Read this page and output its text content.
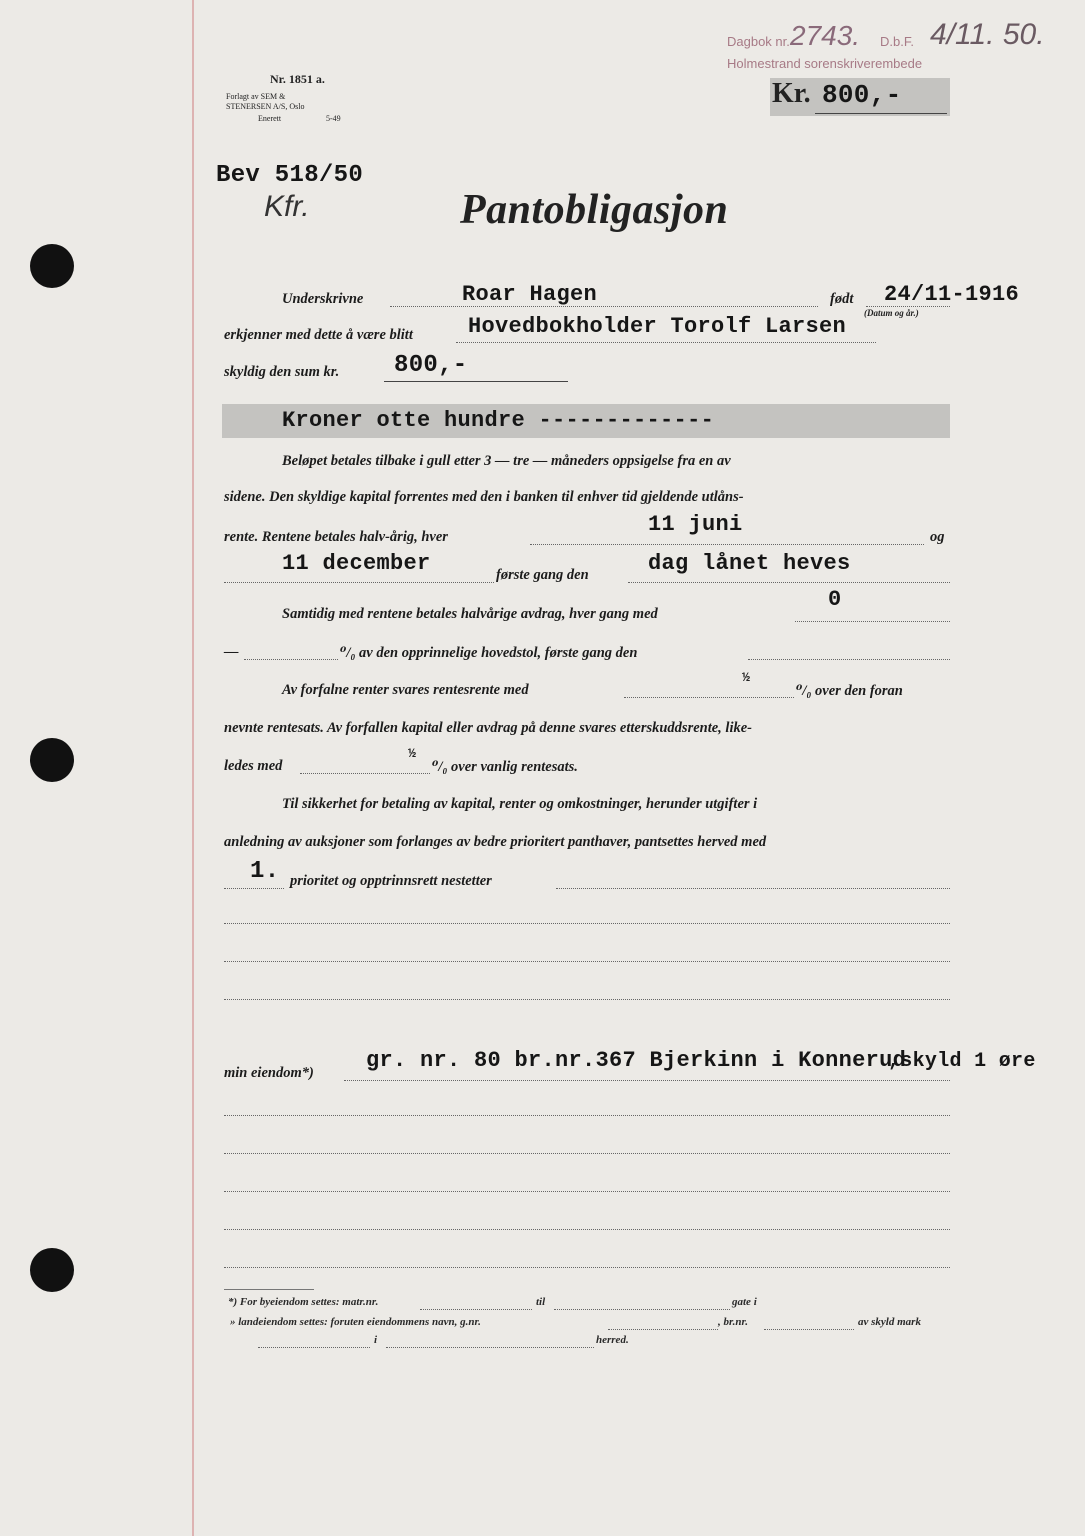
Nr. 1851 a.
Forlagt av SEM & STENERSEN A/S, Oslo
Enerett	5-49
Dagbok nr. 2743. D.b.F. 4/11. 50.
Holmestrand sorenskriverembede
Kr. 800,-
Bev 518/50
Kfr.	Pantobligasjon
Underskrivne	Roar Hagen	født 24/11-1916
(Datum og år.)
erkjenner med dette å være blitt	Hovedbokholder Torolf Larsen
skyldig den sum kr. 800,-
Kroner otte hundre -------------
Beløpet betales tilbake i gull etter 3 — tre — måneders oppsigelse fra en av
sidene. Den skyldige kapital forrentes med den i banken til enhver tid gjeldende utlåns-
rente. Rentene betales halv-årig, hver	11 juni	og
11 december	første gang den	dag lånet heves
Samtidig med rentene betales halvårige avdrag, hver gang med
0
—	⁰/₀ av den opprinnelige hovedstol, første gang den
Av forfalne renter svares rentesrente med
½
⁰/₀ over den foran
nevnte rentesats. Av forfallen kapital eller avdrag på denne svares etterskuddsrente, like-
ledes med
½
⁰/₀ over vanlig rentesats.
Til sikkerhet for betaling av kapital, renter og omkostninger, herunder utgifter i
anledning av auksjoner som forlanges av bedre prioritert panthaver, pantsettes herved med
1. prioritet og opptrinnsrett nestetter
min eiendom*) gr. nr. 80 br.nr.367 Bjerkinn i Konnerud
,skyld 1 øre
*) For byeiendom settes: matr.nr.	til	gate i
» landeiendom settes: foruten eiendommens navn, g.nr.	, br.nr.	av skyld mark
i	herred.
